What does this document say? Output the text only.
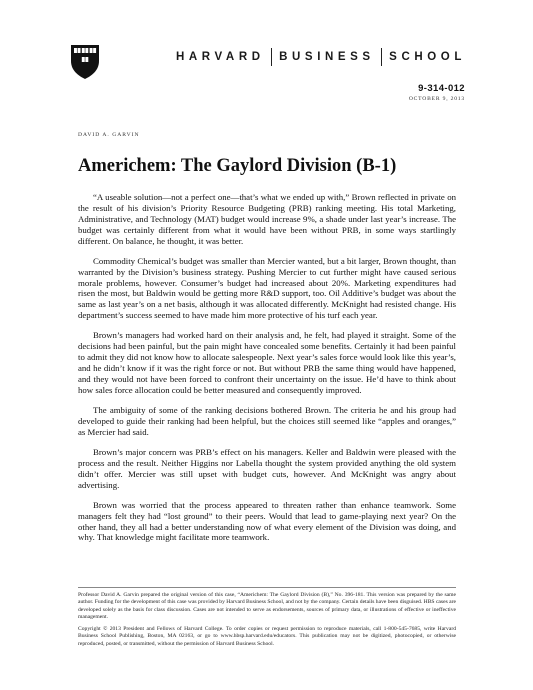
HARVARD BUSINESS SCHOOL
9-314-012
OCTOBER 9, 2013
DAVID A. GARVIN
Americhem: The Gaylord Division (B-1)

“A useable solution—not a perfect one—that’s what we ended up with,” Brown reflected in private on the result of his division’s Priority Resource Budgeting (PRB) ranking meeting. His total Marketing, Administrative, and Technology (MAT) budget would increase 9%, a shade under last year’s increase. The budget was certainly different from what it would have been without PRB, in some ways startlingly different. On balance, he thought, it was better.

Commodity Chemical’s budget was smaller than Mercier wanted, but a bit larger, Brown thought, than warranted by the Division’s business strategy. Pushing Mercier to cut further might have caused serious morale problems, however. Consumer’s budget had increased about 20%. Marketing expenditures had risen the most, but Baldwin would be getting more R&D support, too. Oil Additive’s budget was about the same as last year’s on a net basis, although it was allocated differently. McKnight had resisted change. His department’s success seemed to have made him more protective of his turf each year.

Brown’s managers had worked hard on their analysis and, he felt, had played it straight. Some of the decisions had been painful, but the pain might have concealed some benefits. Certainly it had been painful to admit they did not know how to allocate salespeople. Next year’s sales force would look like this year’s, and he didn’t know if it was the right force or not. But without PRB the same thing would have happened, and they would not have been forced to confront their uncertainty on the issue. He’d have to think about how sales force allocation could be better measured and consequently improved.

The ambiguity of some of the ranking decisions bothered Brown. The criteria he and his group had developed to guide their ranking had been helpful, but the choices still seemed like “apples and oranges,” as Mercier had said.

Brown’s major concern was PRB’s effect on his managers. Keller and Baldwin were pleased with the process and the result. Neither Higgins nor Labella thought the system provided anything the old system didn’t offer. Mercier was still upset with budget cuts, however. And McKnight was angry about advertising.

Brown was worried that the process appeared to threaten rather than enhance teamwork. Some managers felt they had “lost ground” to their peers. Would that lead to game-playing next year? On the other hand, they all had a better understanding now of what every element of the Division was doing, and why. That knowledge might facilitate more teamwork.

Professor David A. Garvin prepared the original version of this case, “Americhem: The Gaylord Division (B),” No. 396-181. This version was prepared by the same author. Funding for the development of this case was provided by Harvard Business School, and not by the company. Certain details have been disguised. HBS cases are developed solely as the basis for class discussion. Cases are not intended to serve as endorsements, sources of primary data, or illustrations of effective or ineffective management.

Copyright © 2013 President and Fellows of Harvard College. To order copies or request permission to reproduce materials, call 1-800-545-7685, write Harvard Business School Publishing, Boston, MA 02163, or go to www.hbsp.harvard.edu/educators. This publication may not be digitized, photocopied, or otherwise reproduced, posted, or transmitted, without the permission of Harvard Business School.
